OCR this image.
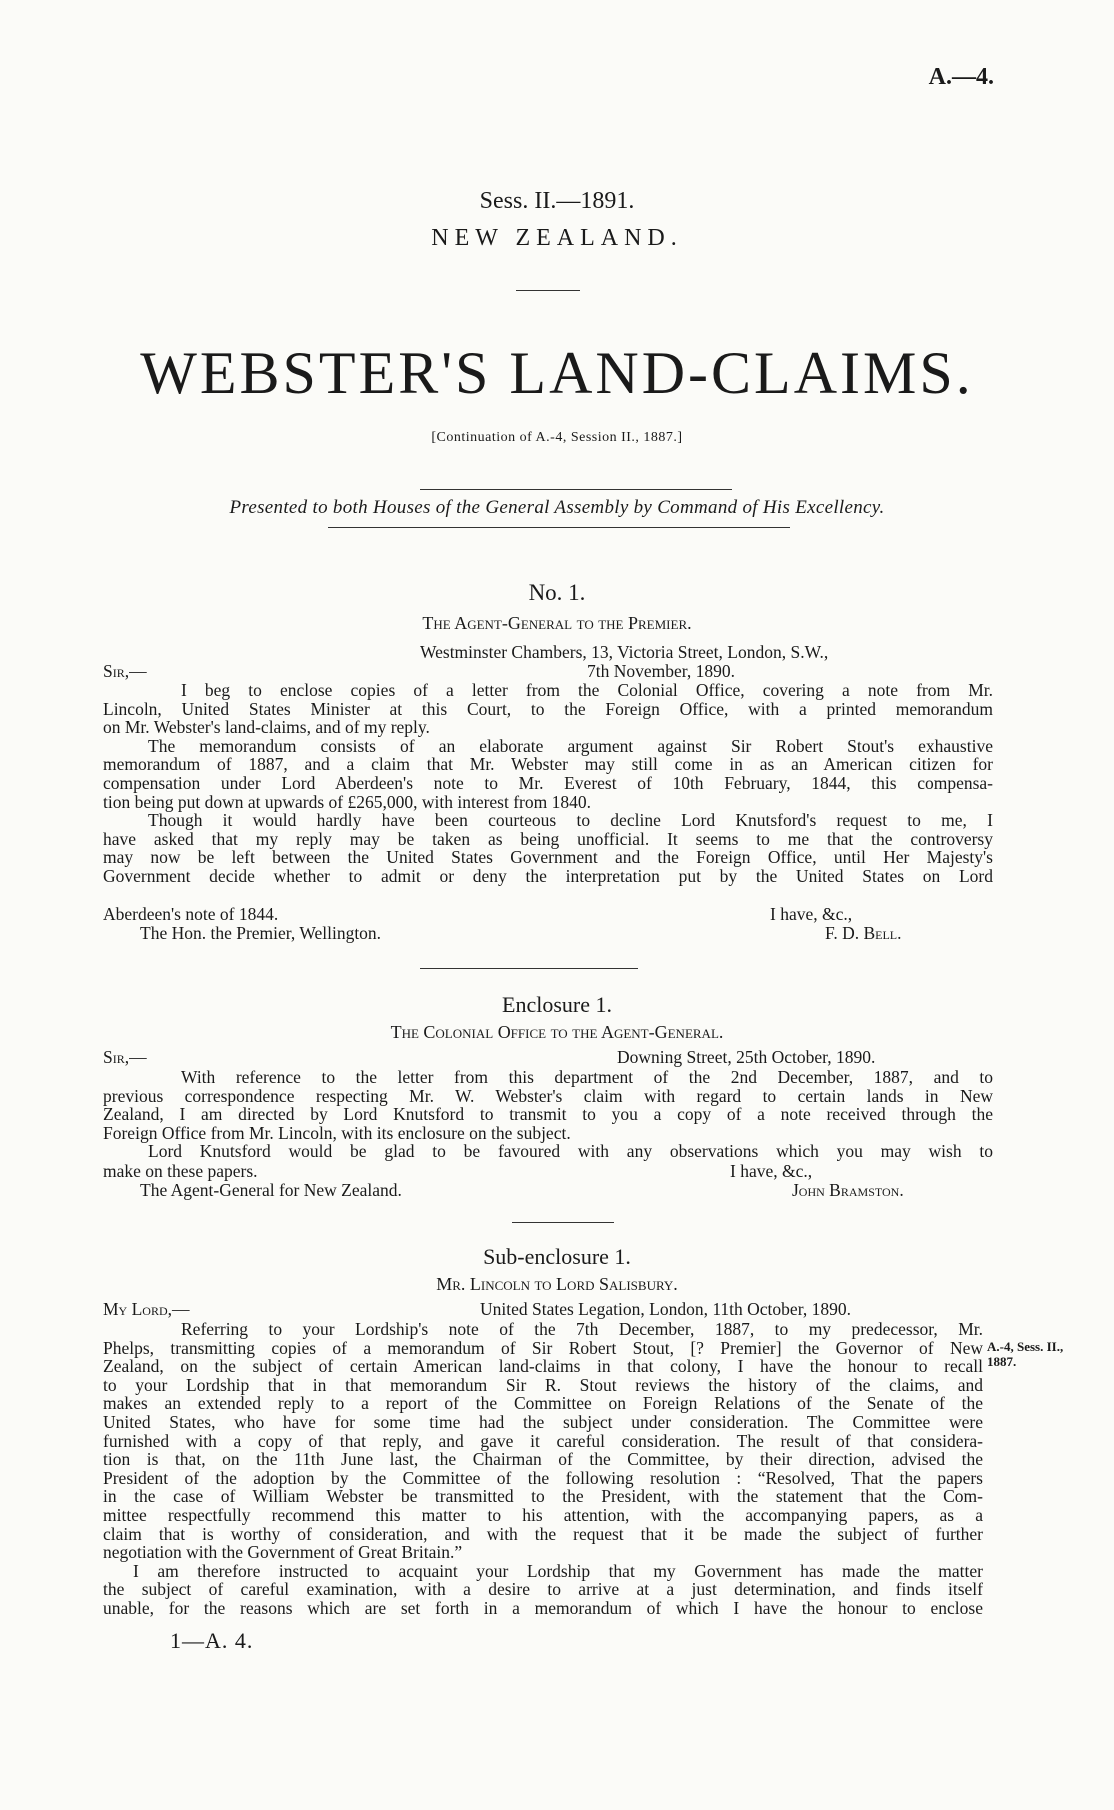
A.—4.
Sess. II.—1891.
NEW ZEALAND.
WEBSTER'S LAND-CLAIMS.
[Continuation of A.-4, Session II., 1887.]
Presented to both Houses of the General Assembly by Command of His Excellency.
No. 1.
The Agent-General to the Premier.
Westminster Chambers, 13, Victoria Street, London, S.W.,
Sir,—	7th November, 1890.
I beg to enclose copies of a letter from the Colonial Office, covering a note from Mr.
Lincoln, United States Minister at this Court, to the Foreign Office, with a printed memorandum
on Mr. Webster's land-claims, and of my reply.
The memorandum consists of an elaborate argument against Sir Robert Stout's exhaustive
memorandum of 1887, and a claim that Mr. Webster may still come in as an American citizen for
compensation under Lord Aberdeen's note to Mr. Everest of 10th February, 1844, this compensa-
tion being put down at upwards of £265,000, with interest from 1840.
Though it would hardly have been courteous to decline Lord Knutsford's request to me, I
have asked that my reply may be taken as being unofficial. It seems to me that the controversy
may now be left between the United States Government and the Foreign Office, until Her Majesty's
Government decide whether to admit or deny the interpretation put by the United States on Lord
Aberdeen's note of 1844.	I have, &c.,
The Hon. the Premier, Wellington.	F. D. Bell.
Enclosure 1.
The Colonial Office to the Agent-General.
Sir,—	Downing Street, 25th October, 1890.
With reference to the letter from this department of the 2nd December, 1887, and to
previous correspondence respecting Mr. W. Webster's claim with regard to certain lands in New
Zealand, I am directed by Lord Knutsford to transmit to you a copy of a note received through the
Foreign Office from Mr. Lincoln, with its enclosure on the subject.
Lord Knutsford would be glad to be favoured with any observations which you may wish to
make on these papers.	I have, &c.,
The Agent-General for New Zealand.	John Bramston.
Sub-enclosure 1.
Mr. Lincoln to Lord Salisbury.
My Lord,—	United States Legation, London, 11th October, 1890.
Referring to your Lordship's note of the 7th December, 1887, to my predecessor, Mr.
Phelps, transmitting copies of a memorandum of Sir Robert Stout, [? Premier] the Governor of New
Zealand, on the subject of certain American land-claims in that colony, I have the honour to recall
to your Lordship that in that memorandum Sir R. Stout reviews the history of the claims, and
makes an extended reply to a report of the Committee on Foreign Relations of the Senate of the
United States, who have for some time had the subject under consideration. The Committee were
furnished with a copy of that reply, and gave it careful consideration. The result of that considera-
tion is that, on the 11th June last, the Chairman of the Committee, by their direction, advised the
President of the adoption by the Committee of the following resolution : “Resolved, That the papers
in the case of William Webster be transmitted to the President, with the statement that the Com-
mittee respectfully recommend this matter to his attention, with the accompanying papers, as a
claim that is worthy of consideration, and with the request that it be made the subject of further
negotiation with the Government of Great Britain.”
I am therefore instructed to acquaint your Lordship that my Government has made the matter
the subject of careful examination, with a desire to arrive at a just determination, and finds itself
unable, for the reasons which are set forth in a memorandum of which I have the honour to enclose
A.-4, Sess. II.,
1887.
1—A. 4.
